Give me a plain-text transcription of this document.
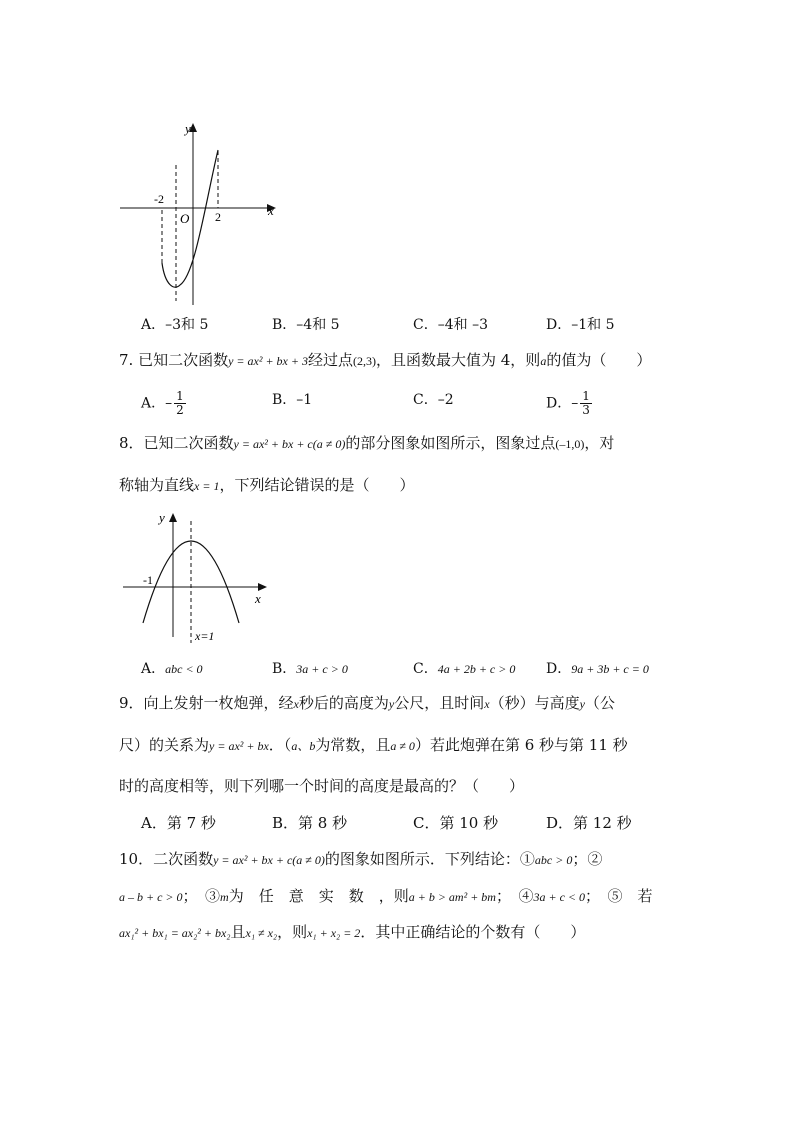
y
x
O
-2
2
A．–3和 5	B．–4和 5	C．–4和 –3	D．–1和 5
7. 已知二次函数y = ax² + bx + 3经过点(2,3)，且函数最大值为 4，则a的值为（　　）
A．– $\frac{1}{2}$	B．–1	C．–2	D．– $\frac{1}{3}$
8．已知二次函数y = ax² + bx + c(a ≠ 0)的部分图象如图所示，图象过点(–1,0)，对
称轴为直线x = 1，下列结论错误的是（　　）
y
x
-1
x=1
A．abc < 0	B．3a + c > 0	C．4a + 2b + c > 0 D．9a + 3b + c = 0
9．向上发射一枚炮弹，经x秒后的高度为y公尺，且时间x（秒）与高度y（公
尺）的关系为y = ax² + bx．（a、b为常数，且a ≠ 0）若此炮弹在第 6 秒与第 11 秒
时的高度相等，则下列哪一个时间的高度是最高的？（　　）
A．第 7 秒	B．第 8 秒	C．第 10 秒	D．第 12 秒
10．二次函数y = ax² + bx + c(a ≠ 0)的图象如图所示．下列结论：①abc > 0；②
a – b + c > 0；　③m为　任　意　实　数　，则a + b > am² + bm；　④3a + c < 0；　⑤　若
ax₁² + bx₁ = ax₂² + bx₂且x₁ ≠ x₂，则x₁ + x₂ = 2．其中正确结论的个数有（　　）
